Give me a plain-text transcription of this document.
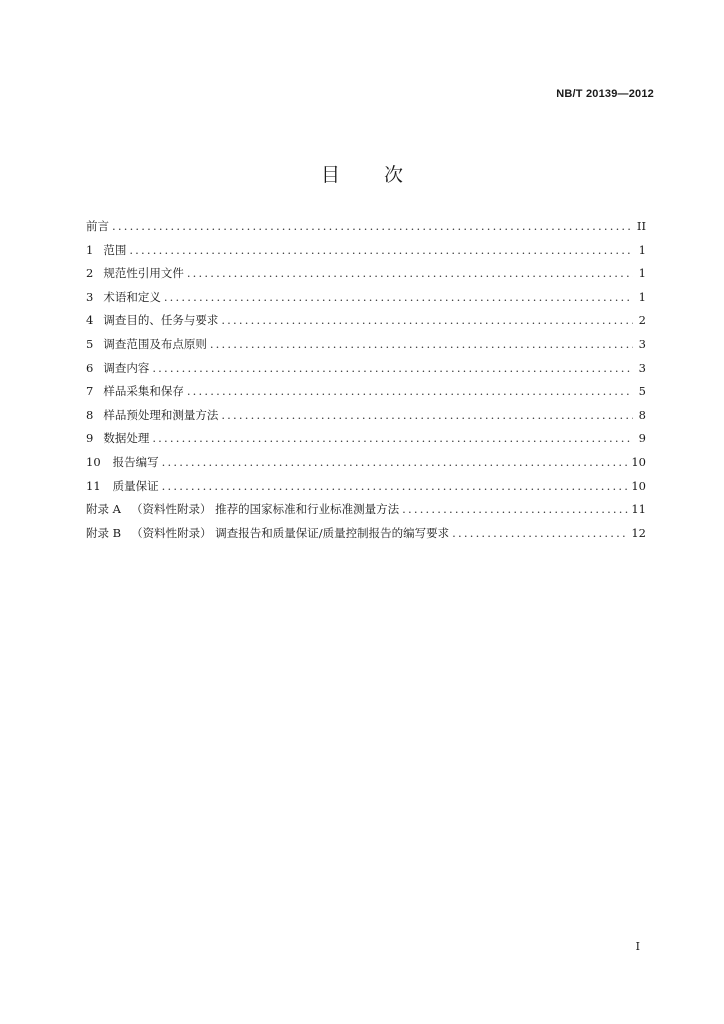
NB/T 20139—2012
目次
前言 .....	II
1 范围 .....	1
2 规范性引用文件 .....	1
3 术语和定义 .....	1
4 调查目的、任务与要求 .....	2
5 调查范围及布点原则 .....	3
6 调查内容 .....	3
7 样品采集和保存 .....	5
8 样品预处理和测量方法 .....	8
9 数据处理 .....	9
10 报告编写 .....	10
11 质量保证 .....	10
附录 A （资料性附录） 推荐的国家标准和行业标准测量方法 .....	11
附录 B （资料性附录） 调查报告和质量保证/质量控制报告的编写要求 .....	12
I
